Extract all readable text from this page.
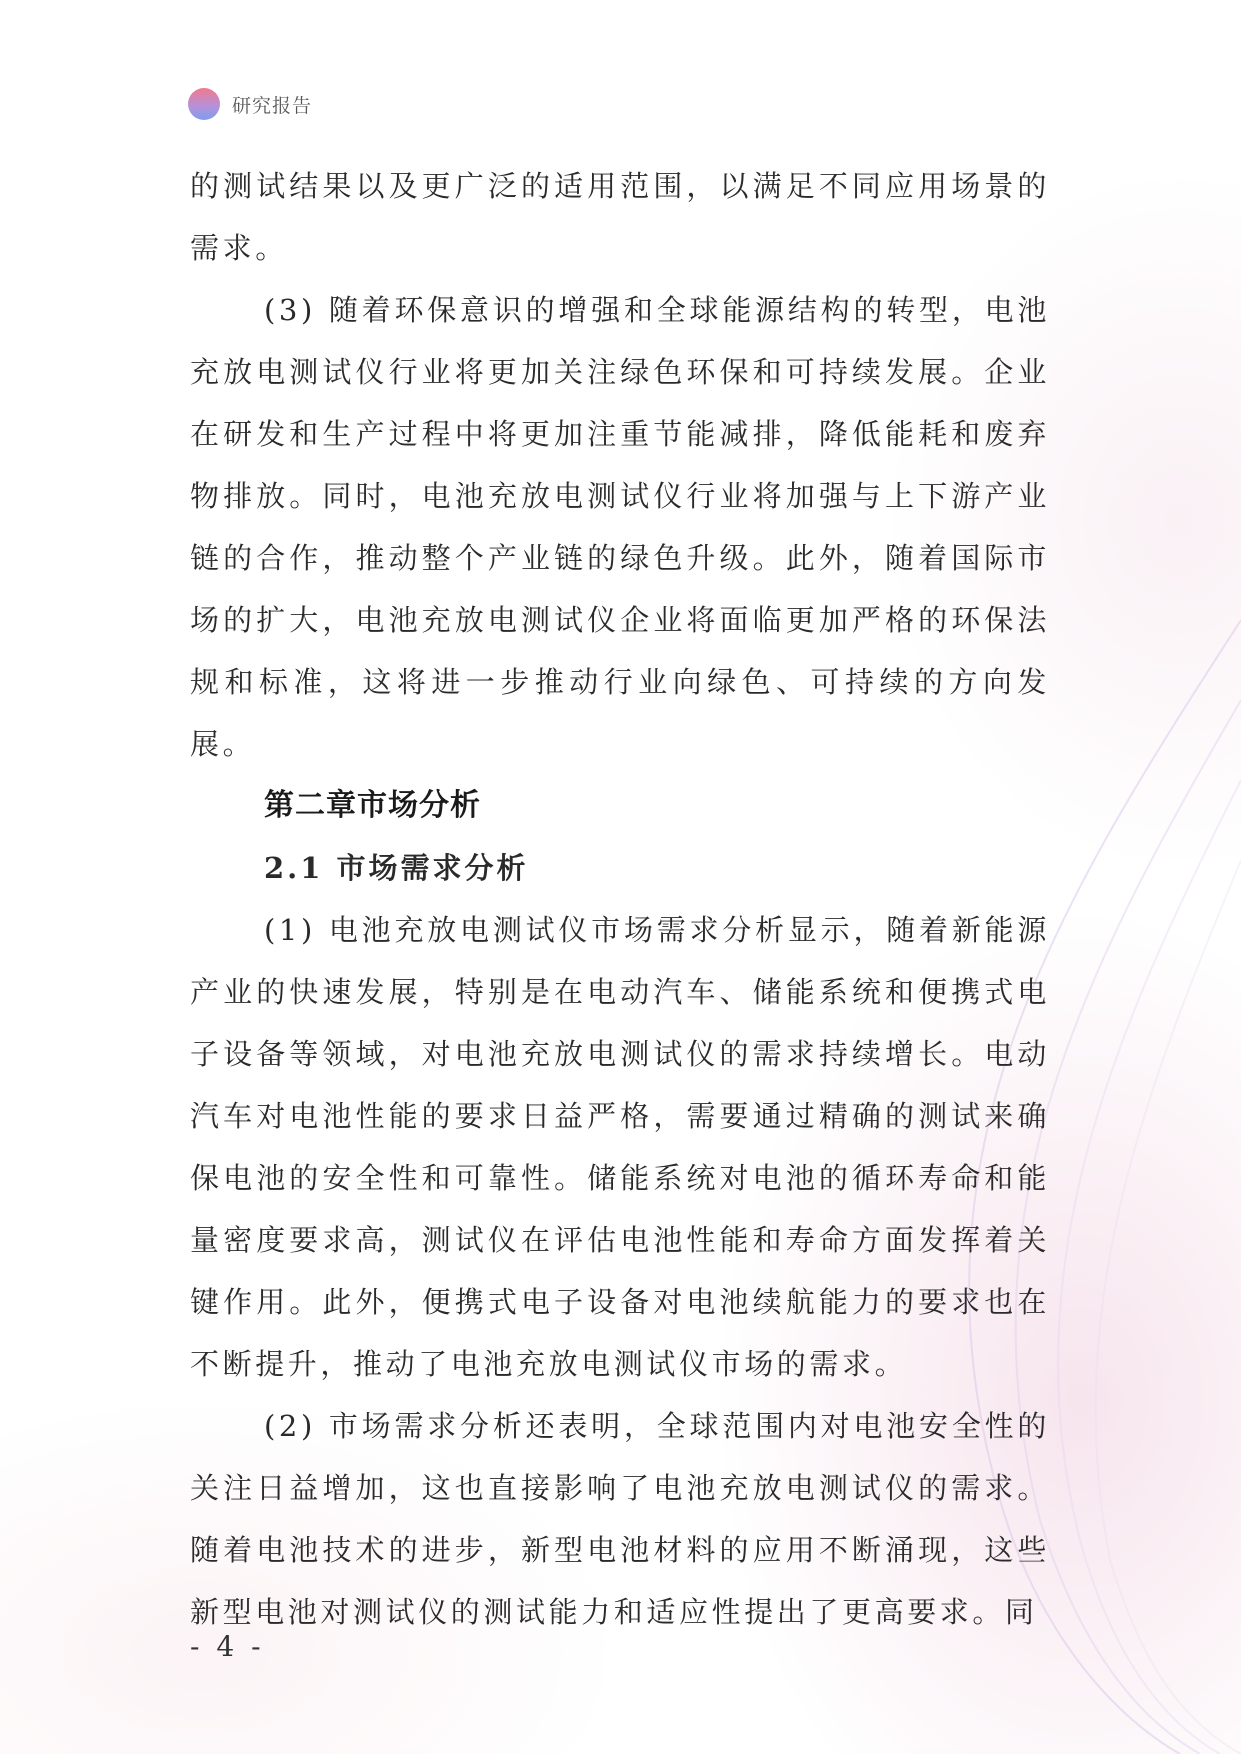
研究报告

的测试结果以及更广泛的适用范围，以满足不同应用场景的需求。

(3) 随着环保意识的增强和全球能源结构的转型，电池充放电测试仪行业将更加关注绿色环保和可持续发展。企业在研发和生产过程中将更加注重节能减排，降低能耗和废弃物排放。同时，电池充放电测试仪行业将加强与上下游产业链的合作，推动整个产业链的绿色升级。此外，随着国际市场的扩大，电池充放电测试仪企业将面临更加严格的环保法规和标准，这将进一步推动行业向绿色、可持续的方向发展。

第二章市场分析
2.1 市场需求分析

(1) 电池充放电测试仪市场需求分析显示，随着新能源产业的快速发展，特别是在电动汽车、储能系统和便携式电子设备等领域，对电池充放电测试仪的需求持续增长。电动汽车对电池性能的要求日益严格，需要通过精确的测试来确保电池的安全性和可靠性。储能系统对电池的循环寿命和能量密度要求高，测试仪在评估电池性能和寿命方面发挥着关键作用。此外，便携式电子设备对电池续航能力的要求也在不断提升，推动了电池充放电测试仪市场的需求。

(2) 市场需求分析还表明，全球范围内对电池安全性的关注日益增加，这也直接影响了电池充放电测试仪的需求。随着电池技术的进步，新型电池材料的应用不断涌现，这些新型电池对测试仪的测试能力和适应性提出了更高要求。同

- 4 -
